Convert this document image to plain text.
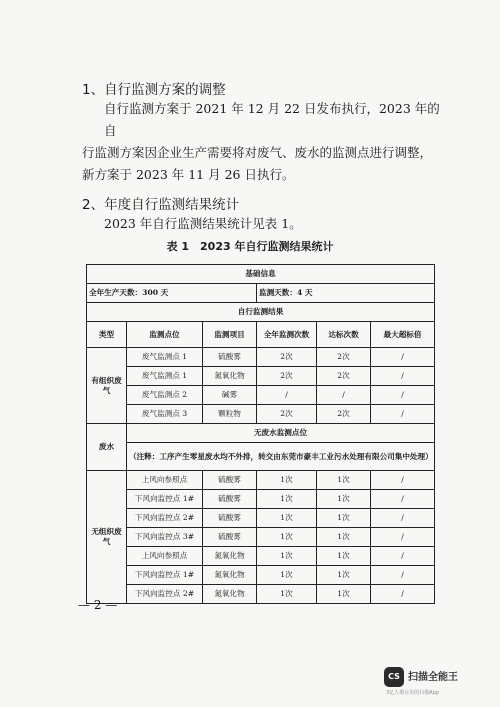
1、自行监测方案的调整
自行监测方案于 2021 年 12 月 22 日发布执行，2023 年的自
行监测方案因企业生产需要将对废气、废水的监测点进行调整，
新方案于 2023 年 11 月 26 日执行。
2、年度自行监测结果统计
2023 年自行监测结果统计见表 1。
表 1　2023 年自行监测结果统计
基础信息					
全年生产天数：300 天			监测天数：4 天		
自行监测结果					
类型	监测点位	监测项目	全年监测次数	达标次数	最大超标倍
有组织废气	废气监测点 1	硫酸雾	2次	2次	/
	废气监测点 1	氮氧化物	2次	2次	/
	废气监测点 2	碱雾	/	/	/
	废气监测点 3	颗粒物	2次	2次	/
废水	无废水监测点位				
	（注释：工序产生零星废水均不外排，转交由东莞市豪丰工业污水处理有限公司集中处理）				
无组织废气	上风向参照点	硫酸雾	1次	1次	/
	下风向监控点 1#	硫酸雾	1次	1次	/
	下风向监控点 2#	硫酸雾	1次	1次	/
	下风向监控点 3#	硫酸雾	1次	1次	/
	上风向参照点	氮氧化物	1次	1次	/
	下风向监控点 1#	氮氧化物	1次	1次	/
	下风向监控点 2#	氮氧化物	1次	1次	/
— 2 —
CS 扫描全能王
3亿人都在用的扫描App
